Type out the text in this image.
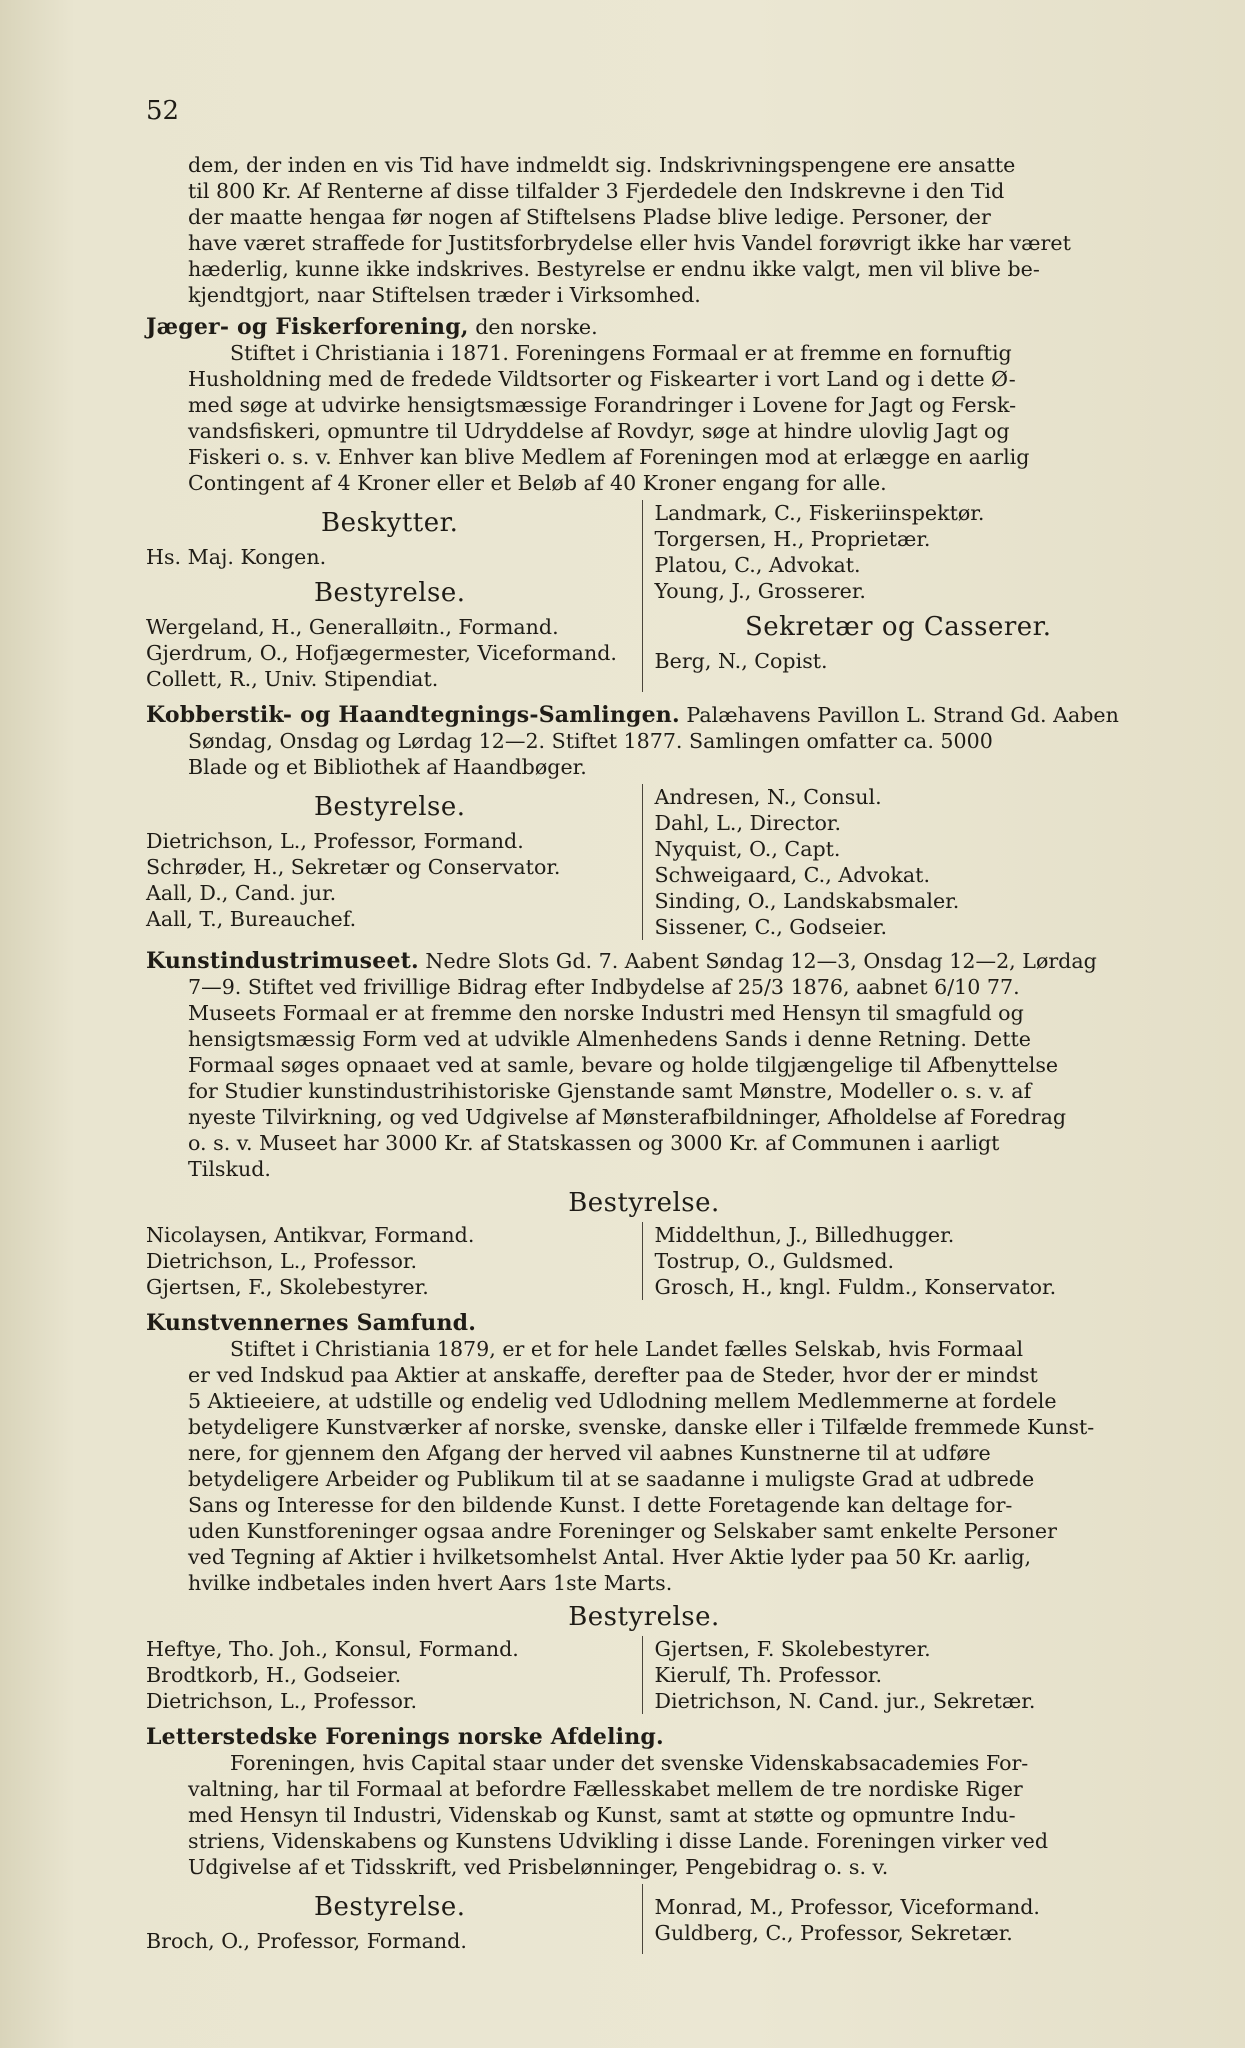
52
dem, der inden en vis Tid have indmeldt sig. Indskrivningspengene ere ansatte
til 800 Kr. Af Renterne af disse tilfalder 3 Fjerdedele den Indskrevne i den Tid
der maatte hengaa før nogen af Stiftelsens Pladse blive ledige. Personer, der
have været straffede for Justitsforbrydelse eller hvis Vandel forøvrigt ikke har været
hæderlig, kunne ikke indskrives. Bestyrelse er endnu ikke valgt, men vil blive be-
kjendtgjort, naar Stiftelsen træder i Virksomhed.
Jæger- og Fiskerforening, den norske.
Stiftet i Christiania i 1871. Foreningens Formaal er at fremme en fornuftig
Husholdning med de fredede Vildtsorter og Fiskearter i vort Land og i dette Ø-
med søge at udvirke hensigtsmæssige Forandringer i Lovene for Jagt og Fersk-
vandsfiskeri, opmuntre til Udryddelse af Rovdyr, søge at hindre ulovlig Jagt og
Fiskeri o. s. v. Enhver kan blive Medlem af Foreningen mod at erlægge en aarlig
Contingent af 4 Kroner eller et Beløb af 40 Kroner engang for alle.
Beskytter.
Hs. Maj. Kongen.
Bestyrelse.
Wergeland, H., Generalløitn., Formand.
Gjerdrum, O., Hofjægermester, Viceformand.
Collett, R., Univ. Stipendiat.
Landmark, C., Fiskeriinspektør.
Torgersen, H., Proprietær.
Platou, C., Advokat.
Young, J., Grosserer.
Sekretær og Casserer.
Berg, N., Copist.
Kobberstik- og Haandtegnings-Samlingen. Palæhavens Pavillon L. Strand Gd. Aaben
Søndag, Onsdag og Lørdag 12—2. Stiftet 1877. Samlingen omfatter ca. 5000
Blade og et Bibliothek af Haandbøger.
Bestyrelse.
Dietrichson, L., Professor, Formand.
Schrøder, H., Sekretær og Conservator.
Aall, D., Cand. jur.
Aall, T., Bureauchef.
Andresen, N., Consul.
Dahl, L., Director.
Nyquist, O., Capt.
Schweigaard, C., Advokat.
Sinding, O., Landskabsmaler.
Sissener, C., Godseier.
Kunstindustrimuseet. Nedre Slots Gd. 7. Aabent Søndag 12—3, Onsdag 12—2, Lørdag
7—9. Stiftet ved frivillige Bidrag efter Indbydelse af 25/3 1876, aabnet 6/10 77.
Museets Formaal er at fremme den norske Industri med Hensyn til smagfuld og
hensigtsmæssig Form ved at udvikle Almenhedens Sands i denne Retning. Dette
Formaal søges opnaaet ved at samle, bevare og holde tilgjængelige til Afbenyttelse
for Studier kunstindustrihistoriske Gjenstande samt Mønstre, Modeller o. s. v. af
nyeste Tilvirkning, og ved Udgivelse af Mønsterafbildninger, Afholdelse af Foredrag
o. s. v. Museet har 3000 Kr. af Statskassen og 3000 Kr. af Communen i aarligt
Tilskud.
Bestyrelse.
Nicolaysen, Antikvar, Formand.
Dietrichson, L., Professor.
Gjertsen, F., Skolebestyrer.
Middelthun, J., Billedhugger.
Tostrup, O., Guldsmed.
Grosch, H., kngl. Fuldm., Konservator.
Kunstvennernes Samfund.
Stiftet i Christiania 1879, er et for hele Landet fælles Selskab, hvis Formaal
er ved Indskud paa Aktier at anskaffe, derefter paa de Steder, hvor der er mindst
5 Aktieeiere, at udstille og endelig ved Udlodning mellem Medlemmerne at fordele
betydeligere Kunstværker af norske, svenske, danske eller i Tilfælde fremmede Kunst-
nere, for gjennem den Afgang der herved vil aabnes Kunstnerne til at udføre
betydeligere Arbeider og Publikum til at se saadanne i muligste Grad at udbrede
Sans og Interesse for den bildende Kunst. I dette Foretagende kan deltage for-
uden Kunstforeninger ogsaa andre Foreninger og Selskaber samt enkelte Personer
ved Tegning af Aktier i hvilketsomhelst Antal. Hver Aktie lyder paa 50 Kr. aarlig,
hvilke indbetales inden hvert Aars 1ste Marts.
Bestyrelse.
Heftye, Tho. Joh., Konsul, Formand.
Brodtkorb, H., Godseier.
Dietrichson, L., Professor.
Gjertsen, F. Skolebestyrer.
Kierulf, Th. Professor.
Dietrichson, N. Cand. jur., Sekretær.
Letterstedske Forenings norske Afdeling.
Foreningen, hvis Capital staar under det svenske Videnskabsacademies For-
valtning, har til Formaal at befordre Fællesskabet mellem de tre nordiske Riger
med Hensyn til Industri, Videnskab og Kunst, samt at støtte og opmuntre Indu-
striens, Videnskabens og Kunstens Udvikling i disse Lande. Foreningen virker ved
Udgivelse af et Tidsskrift, ved Prisbelønninger, Pengebidrag o. s. v.
Bestyrelse.
Broch, O., Professor, Formand.
Monrad, M., Professor, Viceformand.
Guldberg, C., Professor, Sekretær.
